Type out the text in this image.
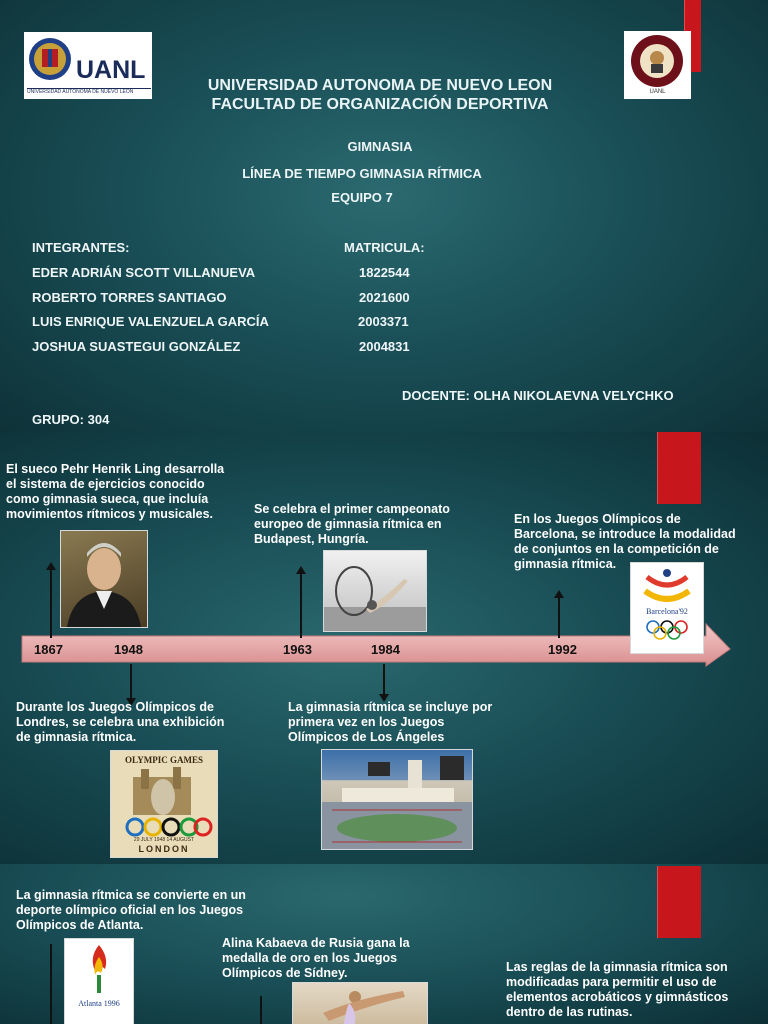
UANL
UNIVERSIDAD AUTONOMA DE NUEVO LEON	UANL
UNIVERSIDAD AUTONOMA DE NUEVO LEON
FACULTAD DE ORGANIZACIÓN DEPORTIVA
GIMNASIA
LÍNEA DE TIEMPO GIMNASIA RÍTMICA
EQUIPO 7
INTEGRANTES:	MATRICULA:
EDER ADRIÁN SCOTT VILLANUEVA	1822544
ROBERTO TORRES SANTIAGO	2021600
LUIS ENRIQUE VALENZUELA GARCÍA	2003371
JOSHUA SUASTEGUI GONZÁLEZ	2004831
DOCENTE: OLHA NIKOLAEVNA VELYCHKO
GRUPO: 304
1867	1948	1963	1984	1992
El sueco Pehr Henrik Ling desarrolla el sistema de ejercicios conocido como gimnasia sueca, que incluía movimientos rítmicos y musicales.	Se celebra el primer campeonato europeo de gimnasia rítmica en Budapest, Hungría.
En los Juegos Olímpicos de Barcelona, se introduce la modalidad de conjuntos en la competición de gimnasia rítmica.
Durante los Juegos Olímpicos de Londres, se celebra una exhibición de gimnasia rítmica.
La gimnasia rítmica se incluye por primera vez en los Juegos Olímpicos de Los Ángeles
Barcelona'92
OLYMPIC GAMES
29 JULY 1948 14 AUGUST
LONDON
La gimnasia rítmica se convierte en un deporte olímpico oficial en los Juegos Olímpicos de Atlanta.
Alina Kabaeva de Rusia gana la medalla de oro en los Juegos Olímpicos de Sídney.	Las reglas de la gimnasia rítmica son modificadas para permitir el uso de elementos acrobáticos y gimnásticos dentro de las rutinas.
Atlanta 1996
